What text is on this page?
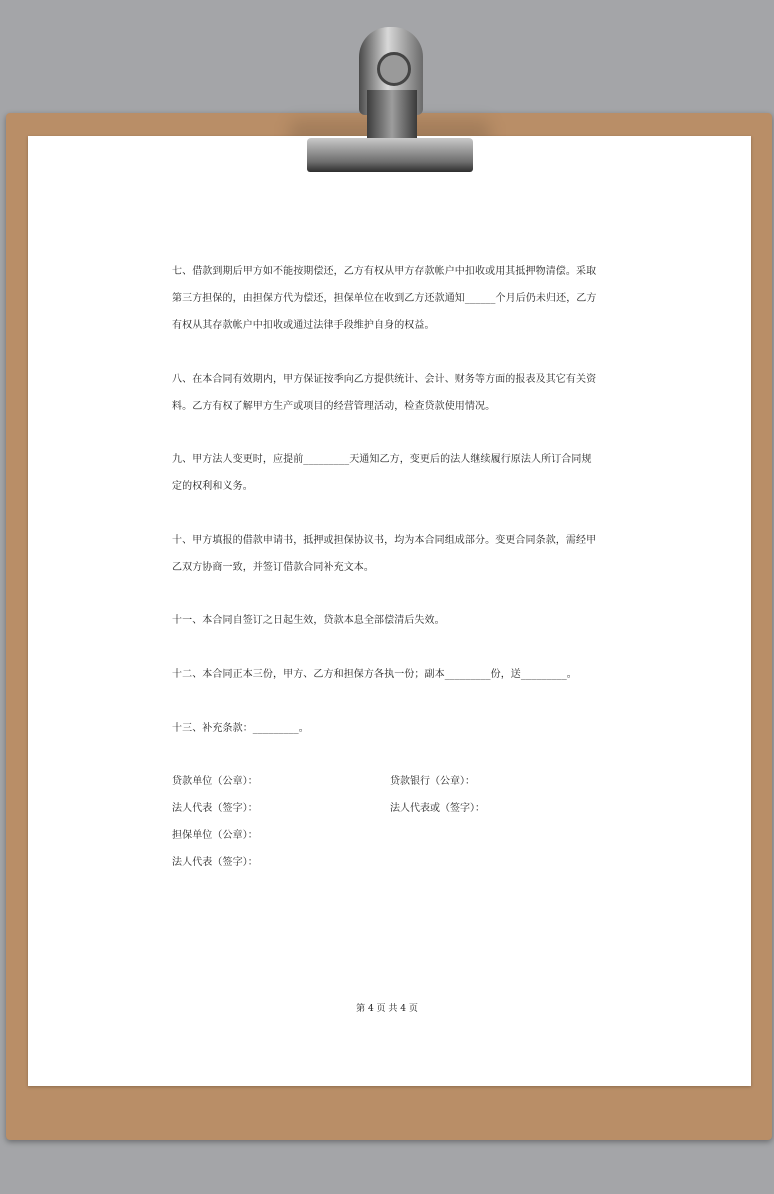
七、借款到期后甲方如不能按期偿还，乙方有权从甲方存款帐户中扣收或用其抵押物清偿。采取
第三方担保的，由担保方代为偿还，担保单位在收到乙方还款通知______个月后仍未归还，乙方
有权从其存款帐户中扣收或通过法律手段维护自身的权益。
八、在本合同有效期内，甲方保证按季向乙方提供统计、会计、财务等方面的报表及其它有关资
料。乙方有权了解甲方生产或项目的经营管理活动，检查贷款使用情况。
九、甲方法人变更时，应提前_________天通知乙方，变更后的法人继续履行原法人所订合同规
定的权利和义务。
十、甲方填报的借款申请书，抵押或担保协议书，均为本合同组成部分。变更合同条款，需经甲
乙双方协商一致，并签订借款合同补充文本。
十一、本合同自签订之日起生效，贷款本息全部偿清后失效。
十二、本合同正本三份，甲方、乙方和担保方各执一份；副本_________份，送_________。
十三、补充条款：_________。
贷款单位（公章）：
法人代表（签字）：
担保单位（公章）：
法人代表（签字）：
贷款银行（公章）：
法人代表或（签字）：
第 4 页 共 4 页
